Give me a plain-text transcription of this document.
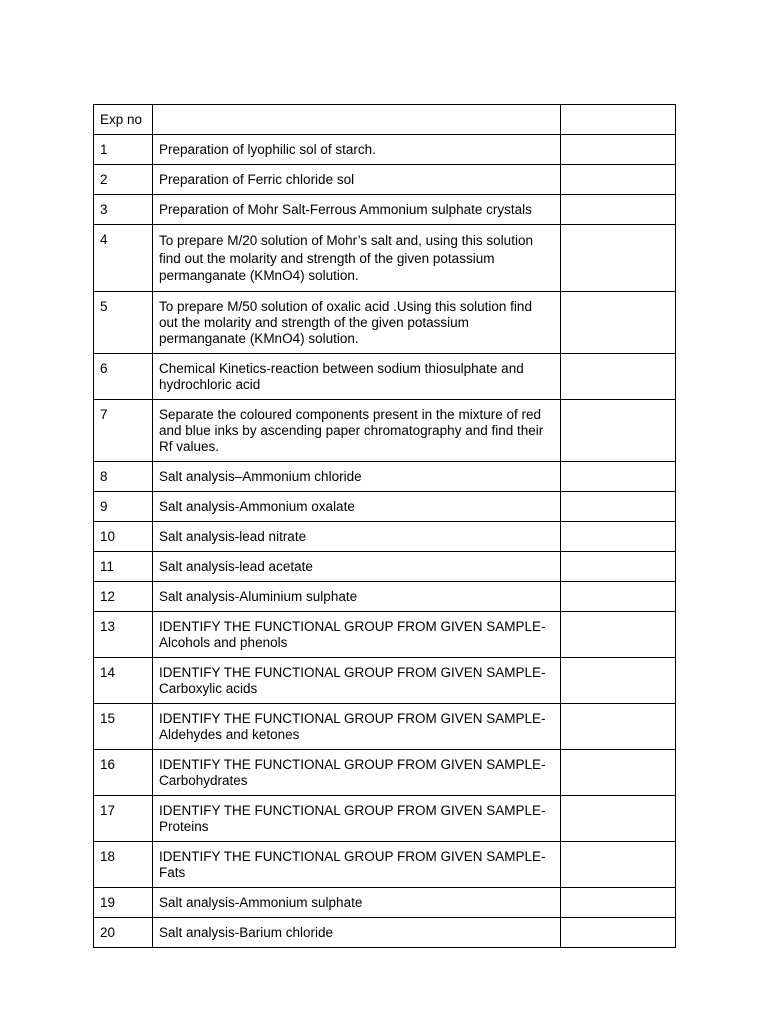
Exp no		
1	Preparation of lyophilic sol of starch.	
2	Preparation of Ferric chloride sol	
3	Preparation of Mohr Salt-Ferrous Ammonium sulphate crystals	
4	To prepare M/20 solution of Mohr’s salt and, using this solution find out the molarity and strength of the given potassium permanganate (KMnO4) solution.	
5	To prepare M/50 solution of oxalic acid .Using this solution find out the molarity and strength of the given potassium permanganate (KMnO4) solution.	
6	Chemical Kinetics-reaction between sodium thiosulphate and hydrochloric acid	
7	Separate the coloured components present in the mixture of red and blue inks by ascending paper chromatography and find their Rf values.	
8	Salt analysis–Ammonium chloride	
9	Salt analysis-Ammonium oxalate	
10	Salt analysis-lead nitrate	
11	Salt analysis-lead acetate	
12	Salt analysis-Aluminium sulphate	
13	IDENTIFY THE FUNCTIONAL GROUP FROM GIVEN SAMPLE-Alcohols and phenols	
14	IDENTIFY THE FUNCTIONAL GROUP FROM GIVEN SAMPLE-Carboxylic acids	
15	IDENTIFY THE FUNCTIONAL GROUP FROM GIVEN SAMPLE-Aldehydes and ketones	
16	IDENTIFY THE FUNCTIONAL GROUP FROM GIVEN SAMPLE-Carbohydrates	
17	IDENTIFY THE FUNCTIONAL GROUP FROM GIVEN SAMPLE-Proteins	
18	IDENTIFY THE FUNCTIONAL GROUP FROM GIVEN SAMPLE-Fats	
19	Salt analysis-Ammonium sulphate	
20	Salt analysis-Barium chloride	
